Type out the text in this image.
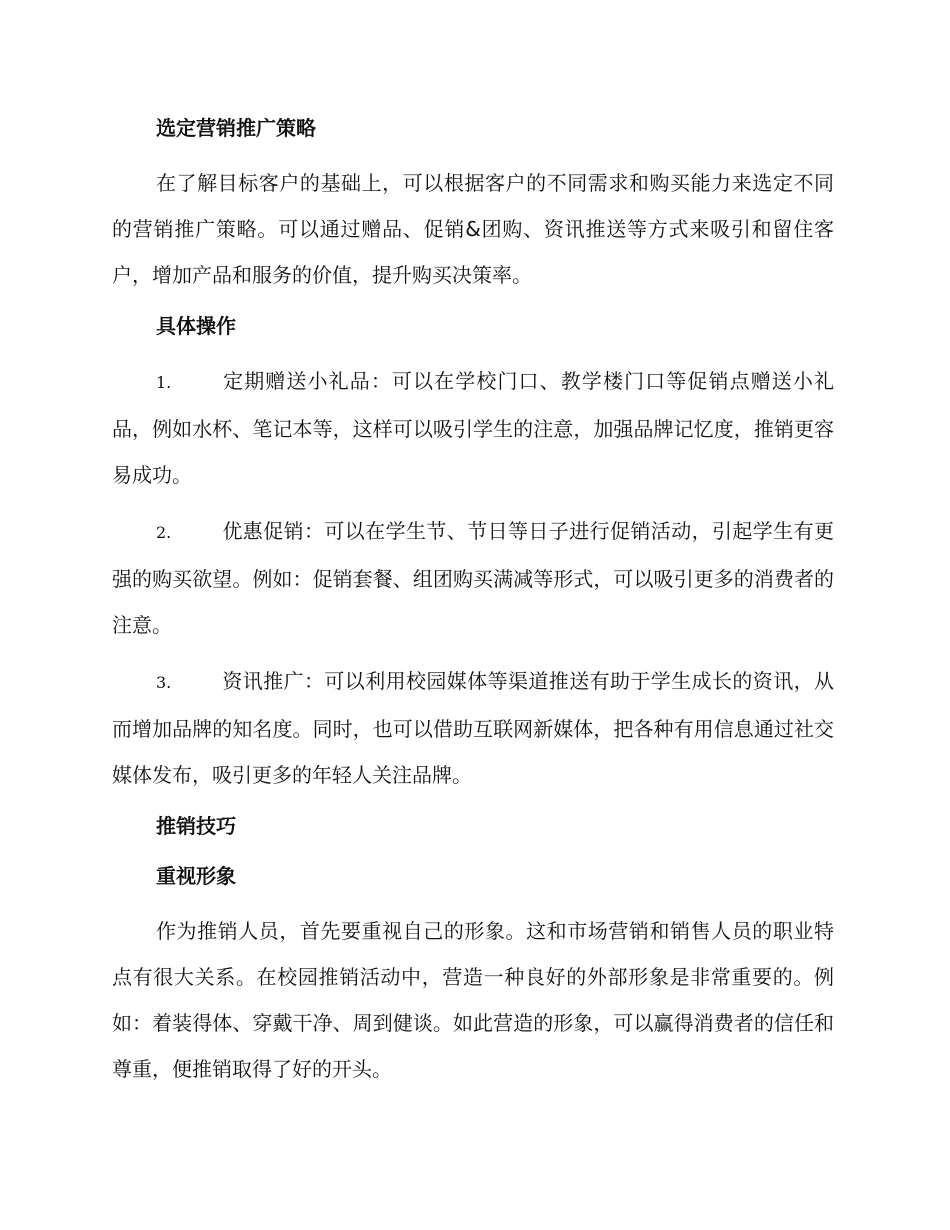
选定营销推广策略

在了解目标客户的基础上，可以根据客户的不同需求和购买能力来选定不同的营销推广策略。可以通过赠品、促销&团购、资讯推送等方式来吸引和留住客户，增加产品和服务的价值，提升购买决策率。

具体操作

1.	定期赠送小礼品：可以在学校门口、教学楼门口等促销点赠送小礼品，例如水杯、笔记本等，这样可以吸引学生的注意，加强品牌记忆度，推销更容易成功。

2.	优惠促销：可以在学生节、节日等日子进行促销活动，引起学生有更强的购买欲望。例如：促销套餐、组团购买满减等形式，可以吸引更多的消费者的注意。

3.	资讯推广：可以利用校园媒体等渠道推送有助于学生成长的资讯，从而增加品牌的知名度。同时，也可以借助互联网新媒体，把各种有用信息通过社交媒体发布，吸引更多的年轻人关注品牌。

推销技巧
重视形象

作为推销人员，首先要重视自己的形象。这和市场营销和销售人员的职业特点有很大关系。在校园推销活动中，营造一种良好的外部形象是非常重要的。例如：着装得体、穿戴干净、周到健谈。如此营造的形象，可以赢得消费者的信任和尊重，便推销取得了好的开头。
